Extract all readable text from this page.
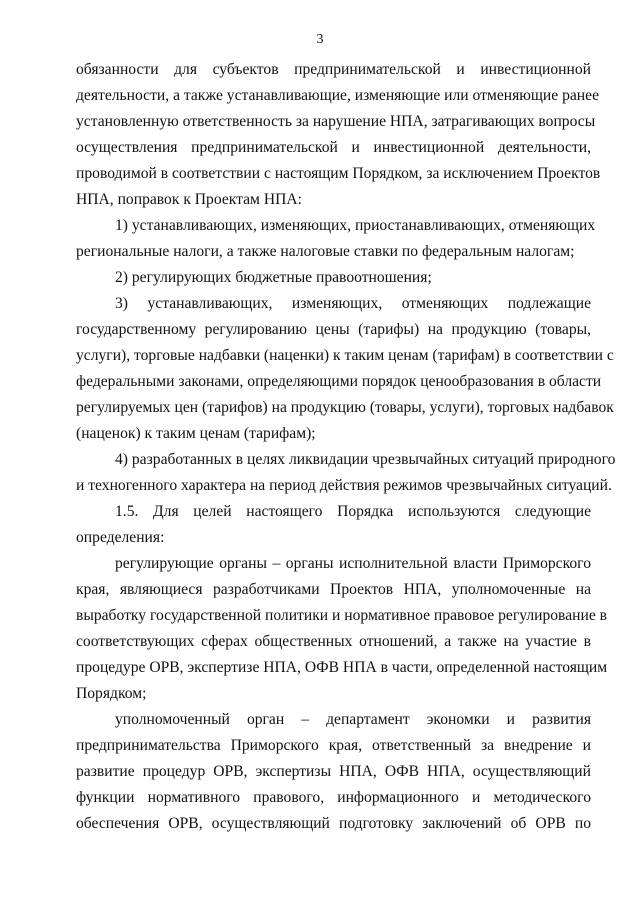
3
обязанности для субъектов предпринимательской и инвестиционной
деятельности, а также устанавливающие, изменяющие или отменяющие ранее
установленную ответственность за нарушение НПА, затрагивающих вопросы
осуществления предпринимательской и инвестиционной деятельности,
проводимой в соответствии с настоящим Порядком, за исключением Проектов
НПА, поправок к Проектам НПА:
1) устанавливающих, изменяющих, приостанавливающих, отменяющих
региональные налоги, а также налоговые ставки по федеральным налогам;
2) регулирующих бюджетные правоотношения;
3) устанавливающих, изменяющих, отменяющих подлежащие
государственному регулированию цены (тарифы) на продукцию (товары,
услуги), торговые надбавки (наценки) к таким ценам (тарифам) в соответствии с
федеральными законами, определяющими порядок ценообразования в области
регулируемых цен (тарифов) на продукцию (товары, услуги), торговых надбавок
(наценок) к таким ценам (тарифам);
4) разработанных в целях ликвидации чрезвычайных ситуаций природного
и техногенного характера на период действия режимов чрезвычайных ситуаций.
1.5. Для целей настоящего Порядка используются следующие
определения:
регулирующие органы – органы исполнительной власти Приморского
края, являющиеся разработчиками Проектов НПА, уполномоченные на
выработку государственной политики и нормативное правовое регулирование в
соответствующих сферах общественных отношений, а также на участие в
процедуре ОРВ, экспертизе НПА, ОФВ НПА в части, определенной настоящим
Порядком;
уполномоченный орган – департамент экономки и развития
предпринимательства Приморского края, ответственный за внедрение и
развитие процедур ОРВ, экспертизы НПА, ОФВ НПА, осуществляющий
функции нормативного правового, информационного и методического
обеспечения ОРВ, осуществляющий подготовку заключений об ОРВ по
